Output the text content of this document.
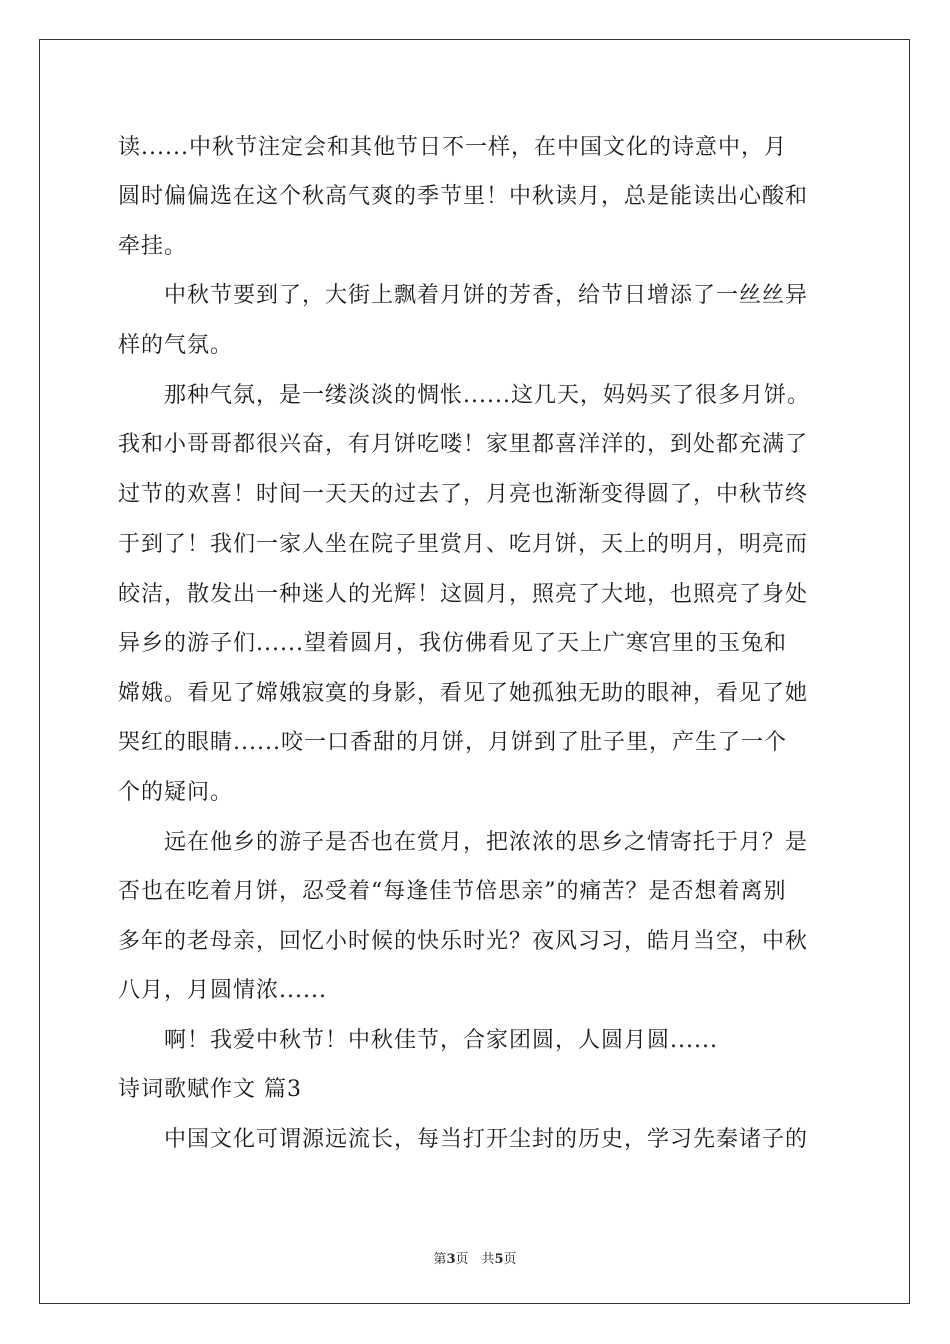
读......中秋节注定会和其他节日不一样，在中国文化的诗意中，月
圆时偏偏选在这个秋高气爽的季节里！中秋读月，总是能读出心酸和
牵挂。
　　中秋节要到了，大街上飘着月饼的芳香，给节日增添了一丝丝异
样的气氛。
　　那种气氛，是一缕淡淡的惆怅......这几天，妈妈买了很多月饼。
我和小哥哥都很兴奋，有月饼吃喽！家里都喜洋洋的，到处都充满了
过节的欢喜！时间一天天的过去了，月亮也渐渐变得圆了，中秋节终
于到了！我们一家人坐在院子里赏月、吃月饼，天上的明月，明亮而
皎洁，散发出一种迷人的光辉！这圆月，照亮了大地，也照亮了身处
异乡的游子们......望着圆月，我仿佛看见了天上广寒宫里的玉兔和
嫦娥。看见了嫦娥寂寞的身影，看见了她孤独无助的眼神，看见了她
哭红的眼睛......咬一口香甜的月饼，月饼到了肚子里，产生了一个
个的疑问。
　　远在他乡的游子是否也在赏月，把浓浓的思乡之情寄托于月？是
否也在吃着月饼，忍受着“每逢佳节倍思亲”的痛苦？是否想着离别
多年的老母亲，回忆小时候的快乐时光？夜风习习，皓月当空，中秋
八月，月圆情浓......
　　啊！我爱中秋节！中秋佳节，合家团圆，人圆月圆......
诗词歌赋作文 篇3
　　中国文化可谓源远流长，每当打开尘封的历史，学习先秦诸子的
第3页　共5页
